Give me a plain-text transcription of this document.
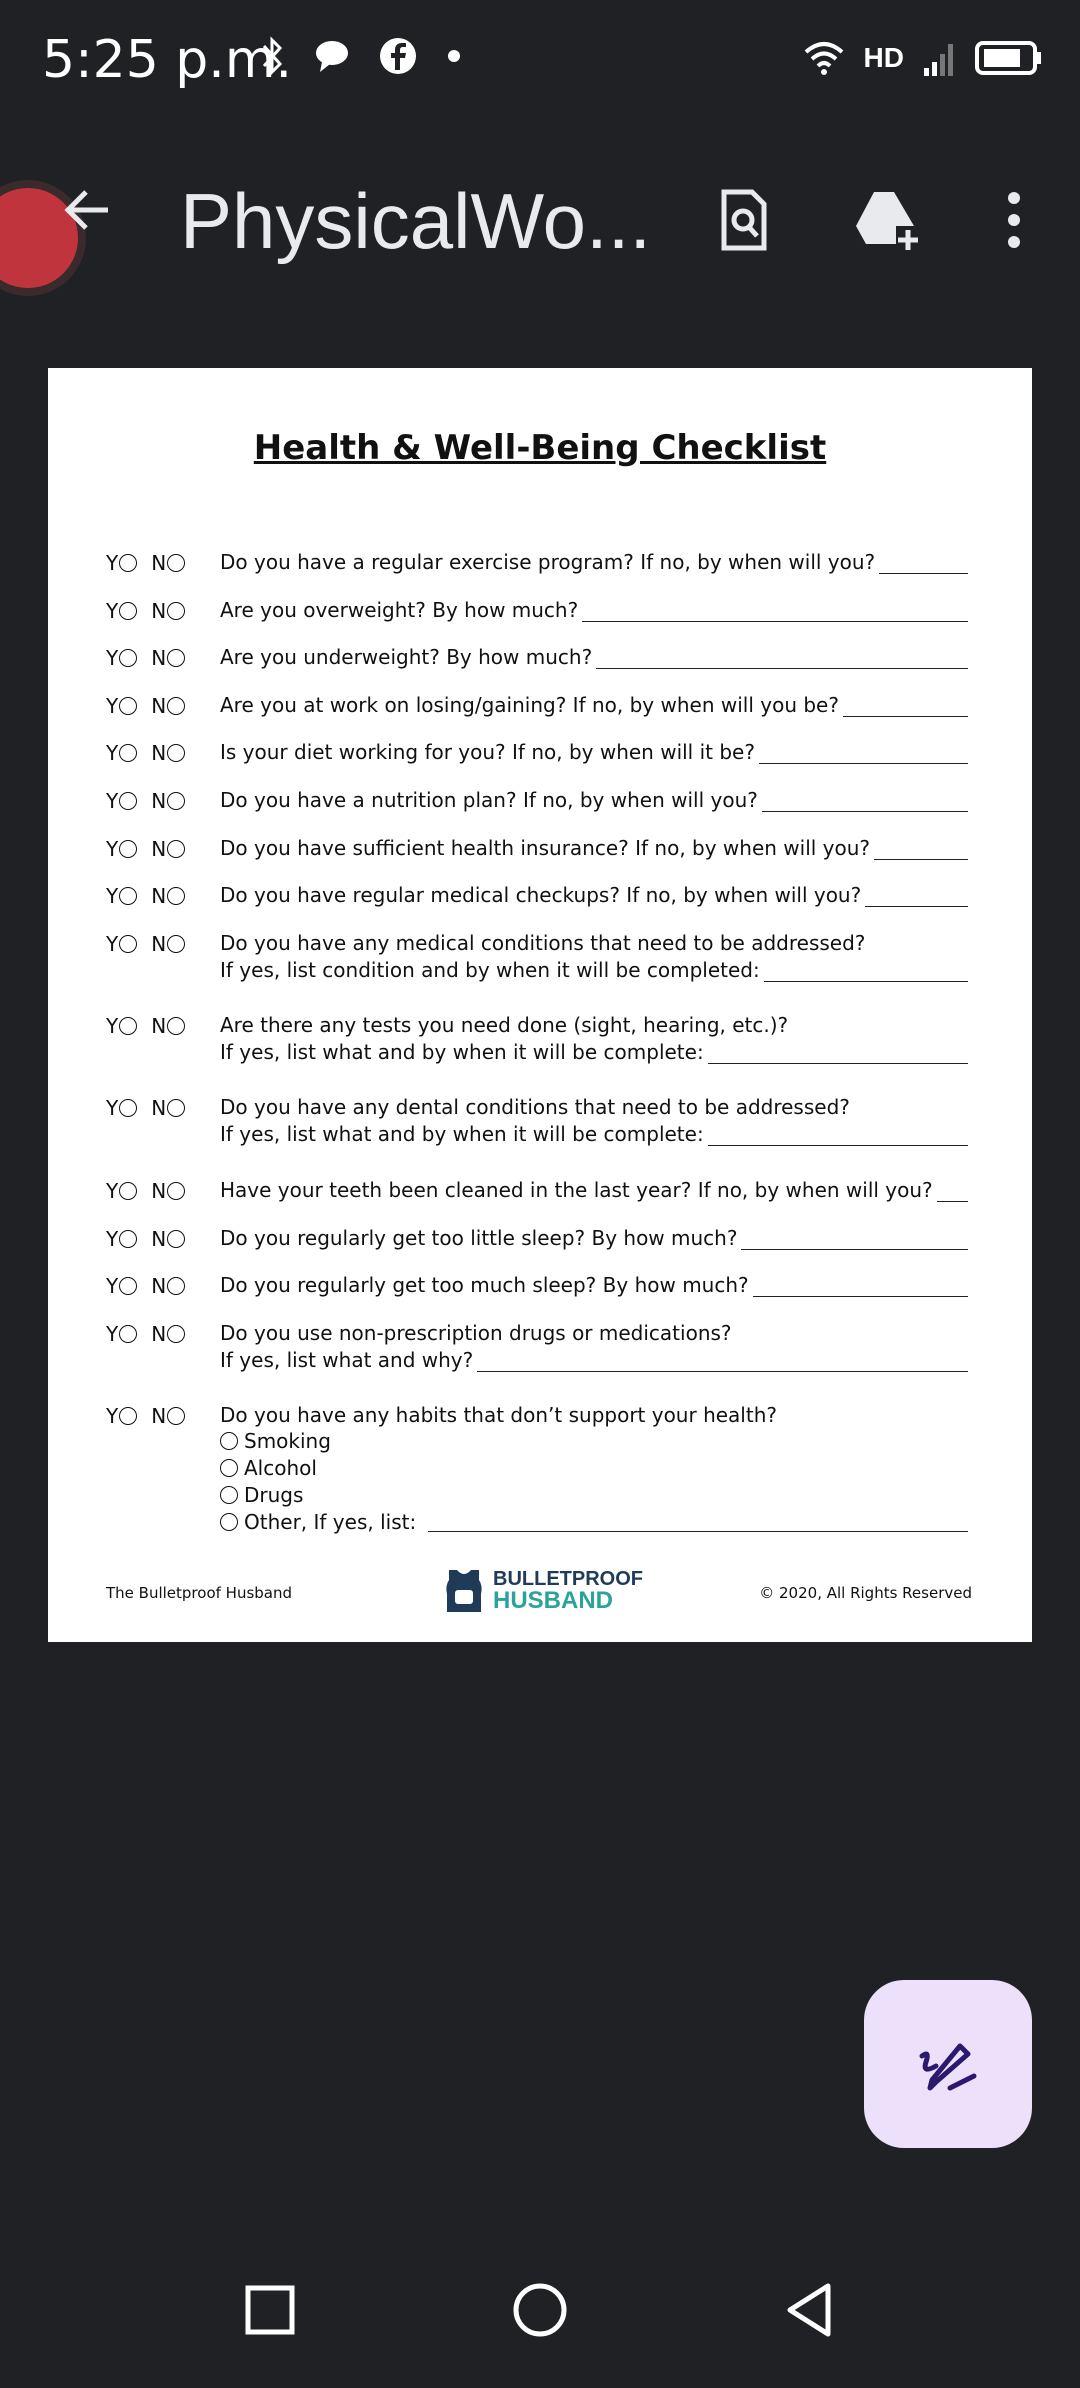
5:25 p.m.	HD
PhysicalWo...
Health & Well-Being Checklist
Y N	Do you have a regular exercise program? If no, by when will you?
Y N	Are you overweight? By how much?
Y N	Are you underweight? By how much?
Y N	Are you at work on losing/gaining? If no, by when will you be?
Y N	Is your diet working for you? If no, by when will it be?
Y N	Do you have a nutrition plan? If no, by when will you?
Y N	Do you have sufficient health insurance? If no, by when will you?
Y N	Do you have regular medical checkups? If no, by when will you?
Y N	Do you have any medical conditions that need to be addressed?
If yes, list condition and by when it will be completed:
Y N	Are there any tests you need done (sight, hearing, etc.)?
If yes, list what and by when it will be complete:
Y N	Do you have any dental conditions that need to be addressed?
If yes, list what and by when it will be complete:
Y N	Have your teeth been cleaned in the last year? If no, by when will you?
Y N	Do you regularly get too little sleep? By how much?
Y N	Do you regularly get too much sleep? By how much?
Y N	Do you use non-prescription drugs or medications?
If yes, list what and why?
Y N	Do you have any habits that don’t support your health?
Smoking
Alcohol
Drugs
Other, If yes, list:
The Bulletproof Husband
BULLETPROOF
HUSBAND	© 2020, All Rights Reserved
